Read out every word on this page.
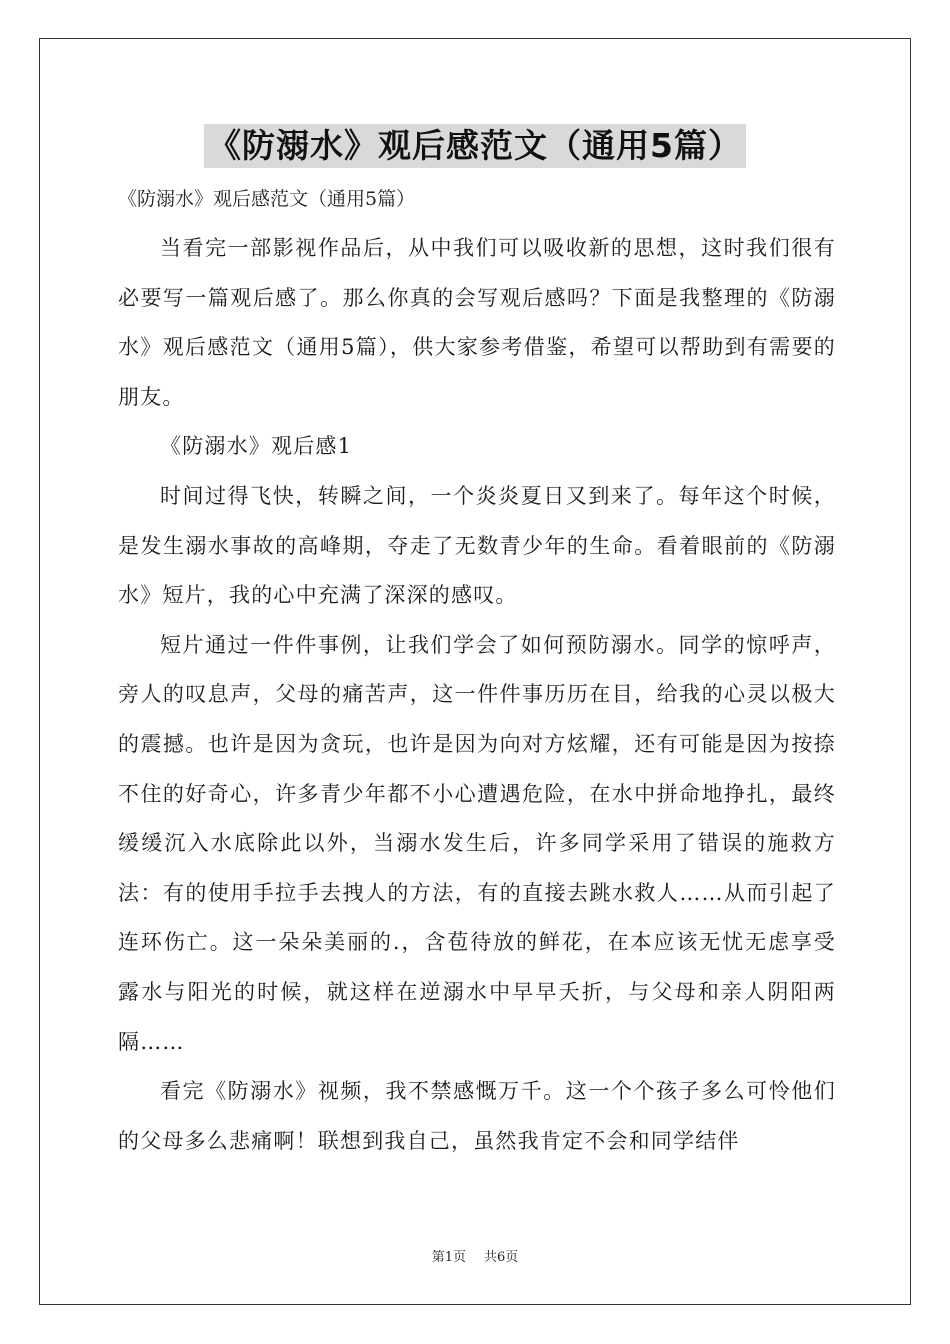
《防溺水》观后感范文（通用5篇）
《防溺水》观后感范文（通用5篇）

当看完一部影视作品后，从中我们可以吸收新的思想，这时我们很有必要写一篇观后感了。那么你真的会写观后感吗？下面是我整理的《防溺水》观后感范文（通用5篇），供大家参考借鉴，希望可以帮助到有需要的朋友。

《防溺水》观后感1

时间过得飞快，转瞬之间，一个炎炎夏日又到来了。每年这个时候，是发生溺水事故的高峰期，夺走了无数青少年的生命。看着眼前的《防溺水》短片，我的心中充满了深深的感叹。

短片通过一件件事例，让我们学会了如何预防溺水。同学的惊呼声，旁人的叹息声，父母的痛苦声，这一件件事历历在目，给我的心灵以极大的震撼。也许是因为贪玩，也许是因为向对方炫耀，还有可能是因为按捺不住的好奇心，许多青少年都不小心遭遇危险，在水中拼命地挣扎，最终缓缓沉入水底除此以外，当溺水发生后，许多同学采用了错误的施救方法：有的使用手拉手去拽人的方法，有的直接去跳水救人……从而引起了连环伤亡。这一朵朵美丽的.，含苞待放的鲜花，在本应该无忧无虑享受露水与阳光的时候，就这样在逆溺水中早早夭折，与父母和亲人阴阳两隔……

看完《防溺水》视频，我不禁感慨万千。这一个个孩子多么可怜他们的父母多么悲痛啊！联想到我自己，虽然我肯定不会和同学结伴

第1页 共6页
